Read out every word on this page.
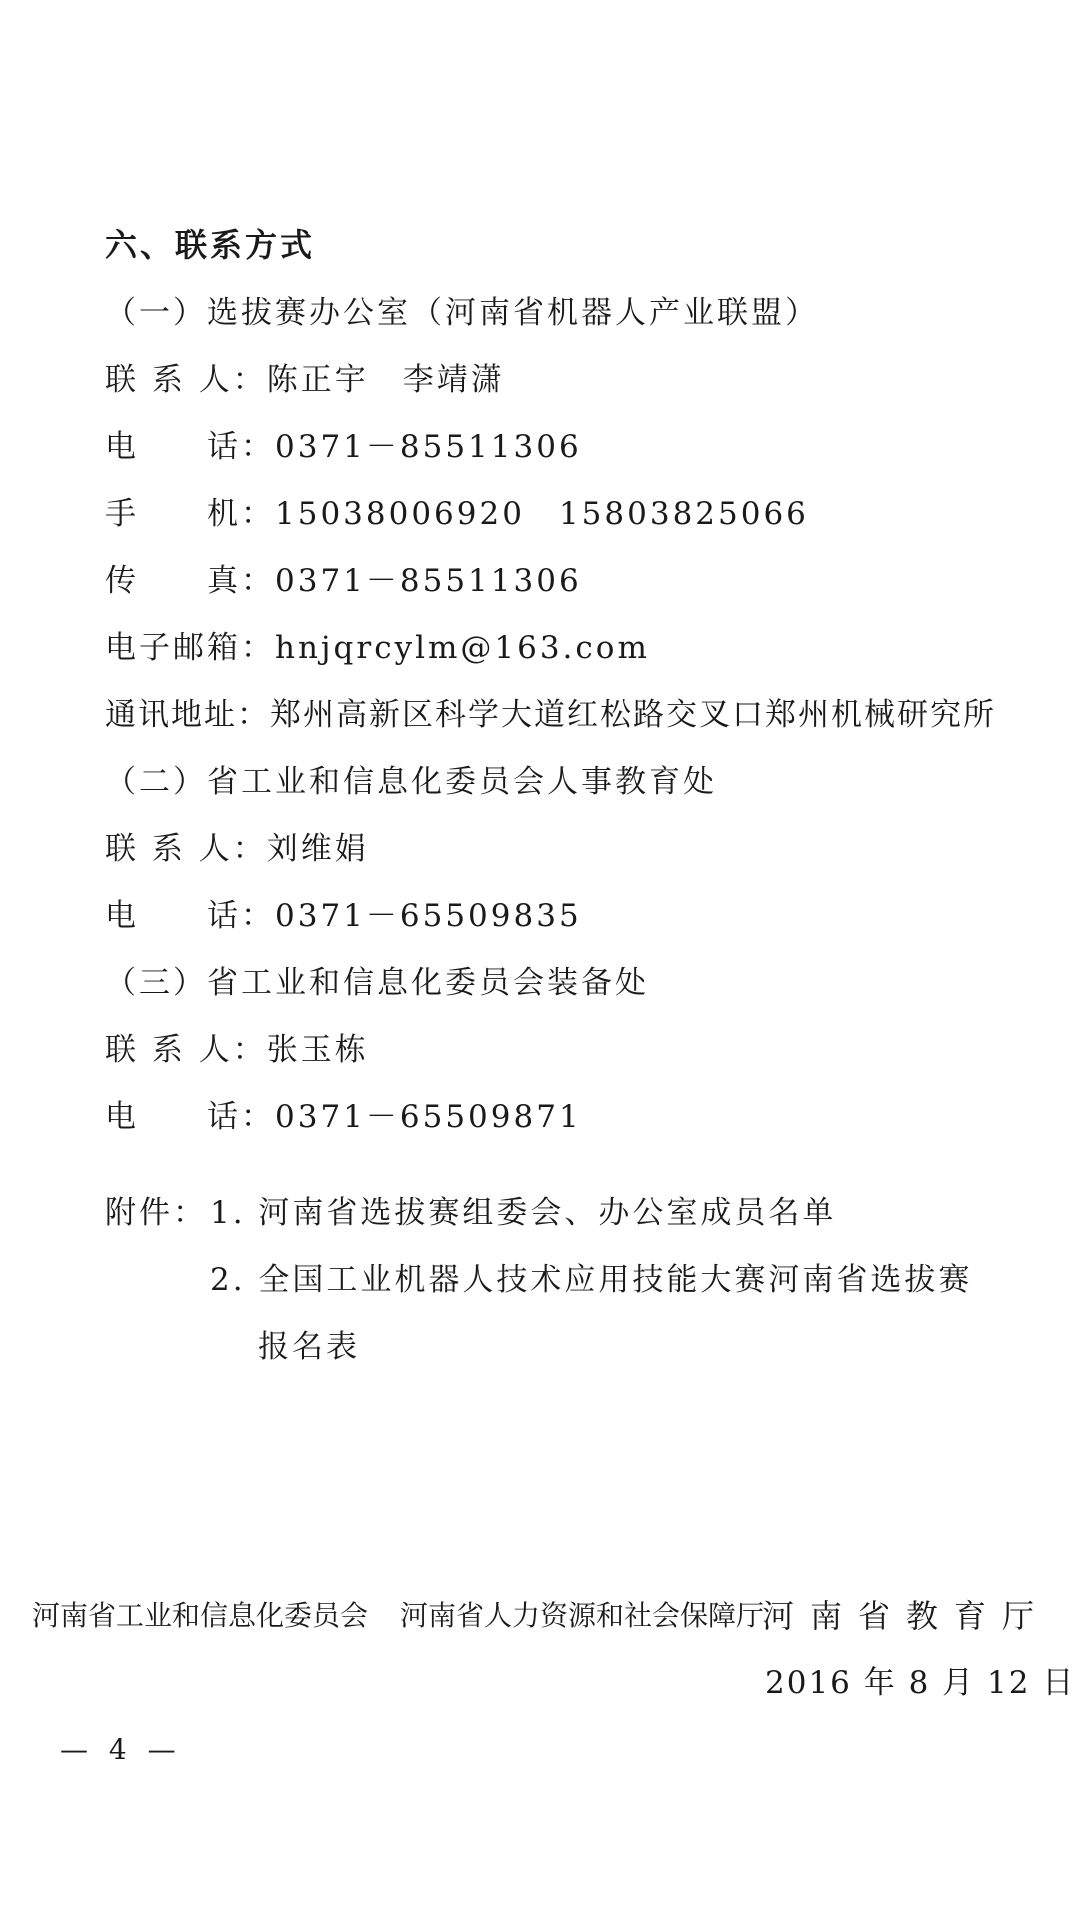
六、联系方式
（一）选拔赛办公室（河南省机器人产业联盟）
联 系 人：陈正宇　李靖潇
电　　话：0371－85511306
手　　机：15038006920　15803825066
传　　真：0371－85511306
电子邮箱：hnjqrcylm@163.com
通讯地址：郑州高新区科学大道红松路交叉口郑州机械研究所
（二）省工业和信息化委员会人事教育处
联 系 人：刘维娟
电　　话：0371－65509835
（三）省工业和信息化委员会装备处
联 系 人：张玉栋
电　　话：0371－65509871
附件： 1. 河南省选拔赛组委会、办公室成员名单
2. 全国工业机器人技术应用技能大赛河南省选拔赛
报名表
河南省工业和信息化委员会 河南省人力资源和社会保障厅
河南省教育厅
2016 年 8 月 12 日
— 4 —
